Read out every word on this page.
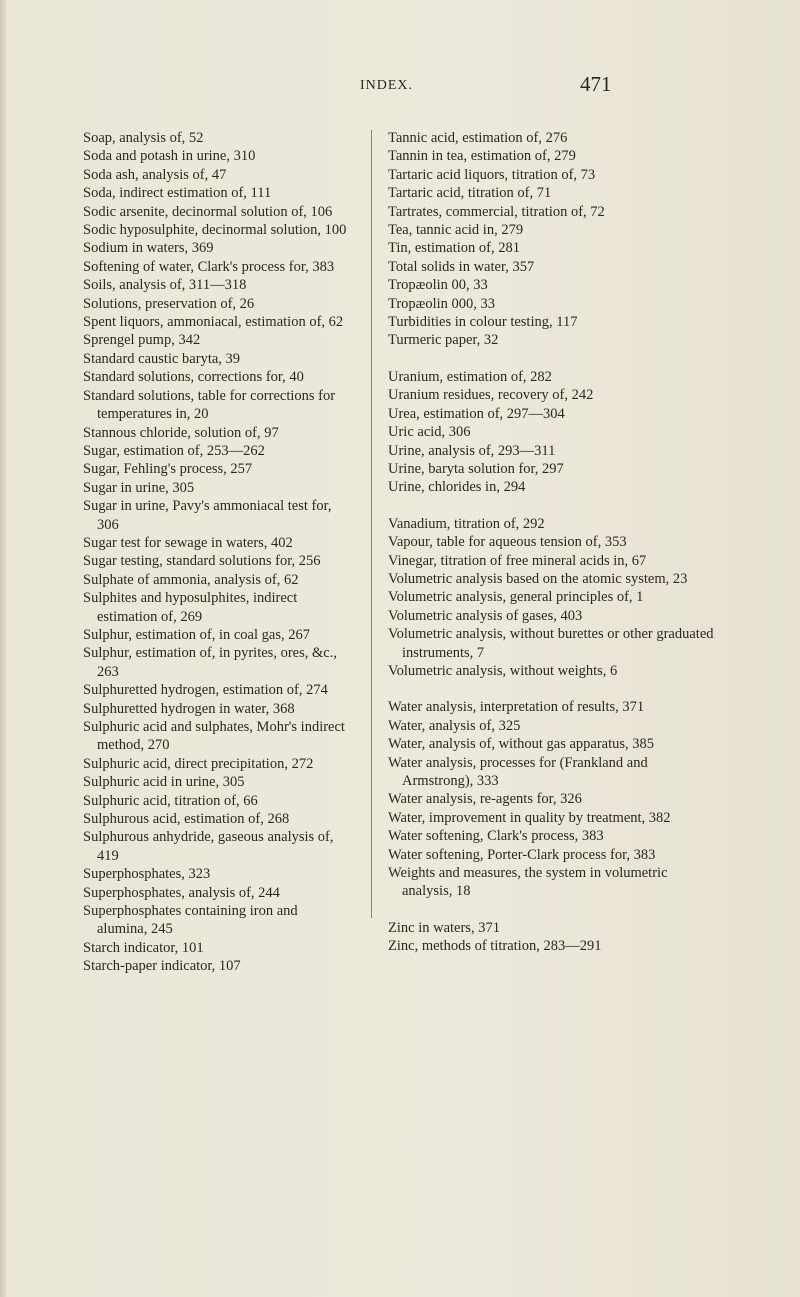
INDEX.	471

Soap, analysis of, 52

Soda and potash in urine, 310

Soda ash, analysis of, 47

Soda, indirect estimation of, 111

Sodic arsenite, decinormal solution of, 106

Sodic hyposulphite, decinormal solution, 100

Sodium in waters, 369

Softening of water, Clark's process for, 383

Soils, analysis of, 311—318

Solutions, preservation of, 26

Spent liquors, ammoniacal, estimation of, 62

Sprengel pump, 342

Standard caustic baryta, 39

Standard solutions, corrections for, 40

Standard solutions, table for corrections for temperatures in, 20

Stannous chloride, solution of, 97

Sugar, estimation of, 253—262

Sugar, Fehling's process, 257

Sugar in urine, 305

Sugar in urine, Pavy's ammoniacal test for, 306

Sugar test for sewage in waters, 402

Sugar testing, standard solutions for, 256

Sulphate of ammonia, analysis of, 62

Sulphites and hyposulphites, indirect estimation of, 269

Sulphur, estimation of, in coal gas, 267

Sulphur, estimation of, in pyrites, ores, &c., 263

Sulphuretted hydrogen, estimation of, 274

Sulphuretted hydrogen in water, 368

Sulphuric acid and sulphates, Mohr's indirect method, 270

Sulphuric acid, direct precipitation, 272

Sulphuric acid in urine, 305

Sulphuric acid, titration of, 66

Sulphurous acid, estimation of, 268

Sulphurous anhydride, gaseous analysis of, 419

Superphosphates, 323

Superphosphates, analysis of, 244

Superphosphates containing iron and alumina, 245

Starch indicator, 101

Starch-paper indicator, 107

Tannic acid, estimation of, 276

Tannin in tea, estimation of, 279

Tartaric acid liquors, titration of, 73

Tartaric acid, titration of, 71

Tartrates, commercial, titration of, 72

Tea, tannic acid in, 279

Tin, estimation of, 281

Total solids in water, 357

Tropæolin 00, 33

Tropæolin 000, 33

Turbidities in colour testing, 117

Turmeric paper, 32

Uranium, estimation of, 282

Uranium residues, recovery of, 242

Urea, estimation of, 297—304

Uric acid, 306

Urine, analysis of, 293—311

Urine, baryta solution for, 297

Urine, chlorides in, 294

Vanadium, titration of, 292

Vapour, table for aqueous tension of, 353

Vinegar, titration of free mineral acids in, 67

Volumetric analysis based on the atomic system, 23

Volumetric analysis, general principles of, 1

Volumetric analysis of gases, 403

Volumetric analysis, without burettes or other graduated instruments, 7

Volumetric analysis, without weights, 6

Water analysis, interpretation of results, 371

Water, analysis of, 325

Water, analysis of, without gas apparatus, 385

Water analysis, processes for (Frankland and Armstrong), 333

Water analysis, re-agents for, 326

Water, improvement in quality by treatment, 382

Water softening, Clark's process, 383

Water softening, Porter-Clark process for, 383

Weights and measures, the system in volumetric analysis, 18

Zinc in waters, 371

Zinc, methods of titration, 283—291
